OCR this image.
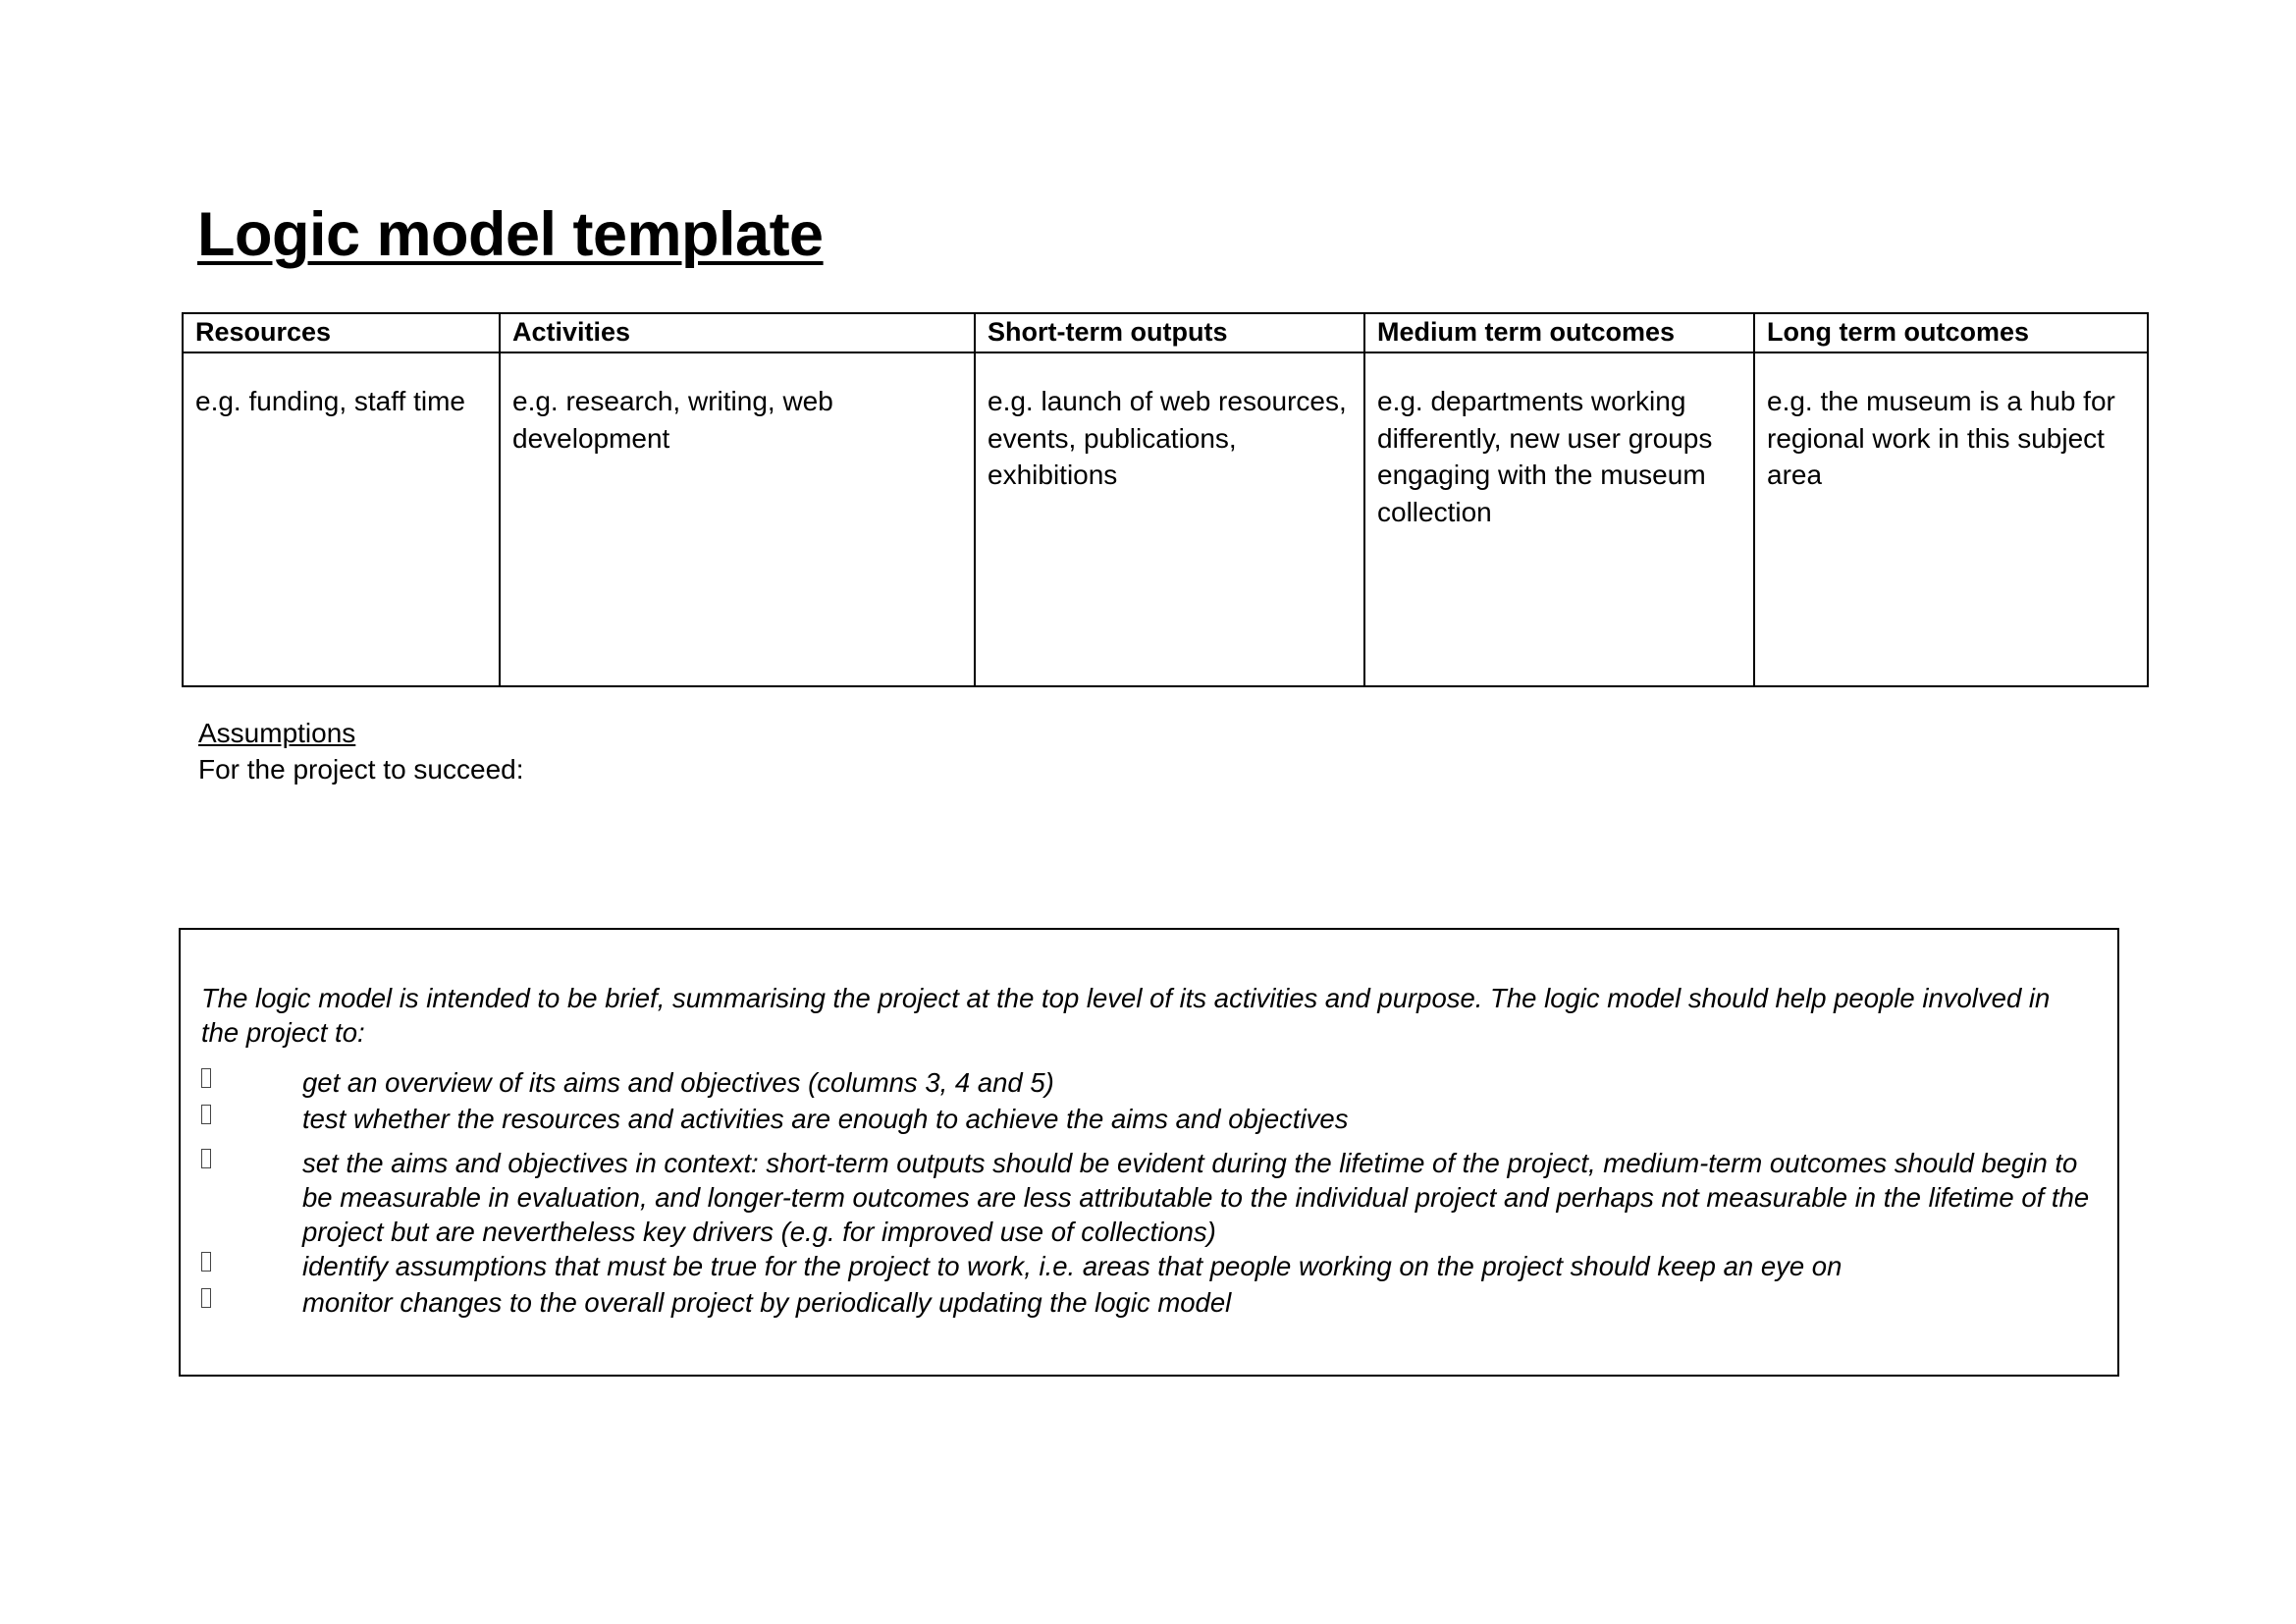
Logic model template
Resources	Activities	Short-term outputs	Medium term outcomes	Long term outcomes
e.g. funding, staff time	e.g. research, writing, web development	e.g. launch of web resources, events, publications, exhibitions	e.g. departments working differently, new user groups engaging with the museum collection	e.g. the museum is a hub for regional work in this subject area

Assumptions

For the project to succeed:

The logic model is intended to be brief, summarising the project at the top level of its activities and purpose. The logic model should help people involved in the project to:

get an overview of its aims and objectives (columns 3, 4 and 5)
test whether the resources and activities are enough to achieve the aims and objectives
set the aims and objectives in context: short-term outputs should be evident during the lifetime of the project, medium-term outcomes should begin to be measurable in evaluation, and longer-term outcomes are less attributable to the individual project and perhaps not measurable in the lifetime of the project but are nevertheless key drivers (e.g. for improved use of collections)
identify assumptions that must be true for the project to work, i.e. areas that people working on the project should keep an eye on
monitor changes to the overall project by periodically updating the logic model
